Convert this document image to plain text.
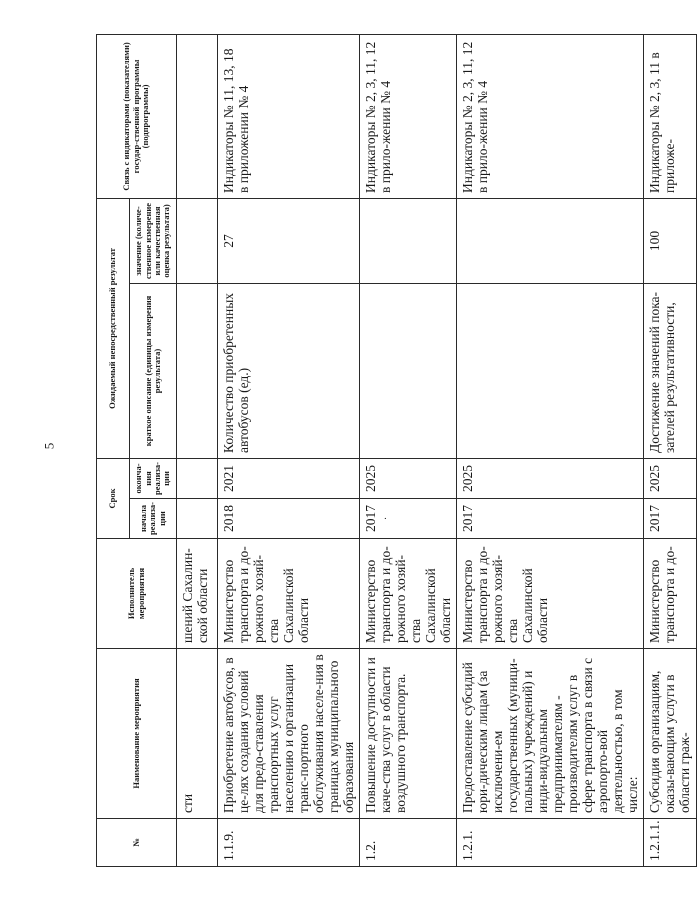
5
№	Наименование мероприятия	Исполнитель мероприятия	Срок		Ожидаемый непосредственный результат		Связь с индикаторами (показателями) государ-ственной программы (подпрограммы)
			начала реализа-ции	оконча-ния реализа-ции	краткое описание (единицы измерения результата)	значение (количе-ственное измерение или качественная оценка результата)	
	сти	шений Сахалин-ской области					
1.1.9.	Приобретение автобусов, в це-лях создания условий для предо-ставления транспортных услуг населению и организации транс-портного обслуживания населе-ния в границах муниципального образования	Министерство транспорта и до-рожного хозяй-ства Сахалинской области	2018	2021	Количество приобретенных автобусов (ед.)	27	Индикаторы № 11, 13, 18 в приложении № 4
1.2.	Повышение доступности и каче-ства услуг в области воздушного транспорта.	Министерство транспорта и до-рожного хозяй-ства Сахалинской области	2017 ·	2025			Индикаторы № 2, 3, 11, 12 в прило-жении № 4
1.2.1.	Предоставление субсидий юри-дическим лицам (за исключени-ем государственных (муници-пальных) учреждений) и инди-видуальным предпринимателям - производителям услуг в сфере транспорта в связи с аэропорто-вой деятельностью, в том числе:	Министерство транспорта и до-рожного хозяй-ства Сахалинской области	2017	2025			Индикаторы № 2, 3, 11, 12 в прило-жении № 4
1.2.1.1.	Субсидия организациям, оказы-вающим услуги в области граж-	Министерство транспорта и до-	2017	2025	Достижение значений пока-зателей результативности,	100	Индикаторы № 2, 3, 11 в приложе-
